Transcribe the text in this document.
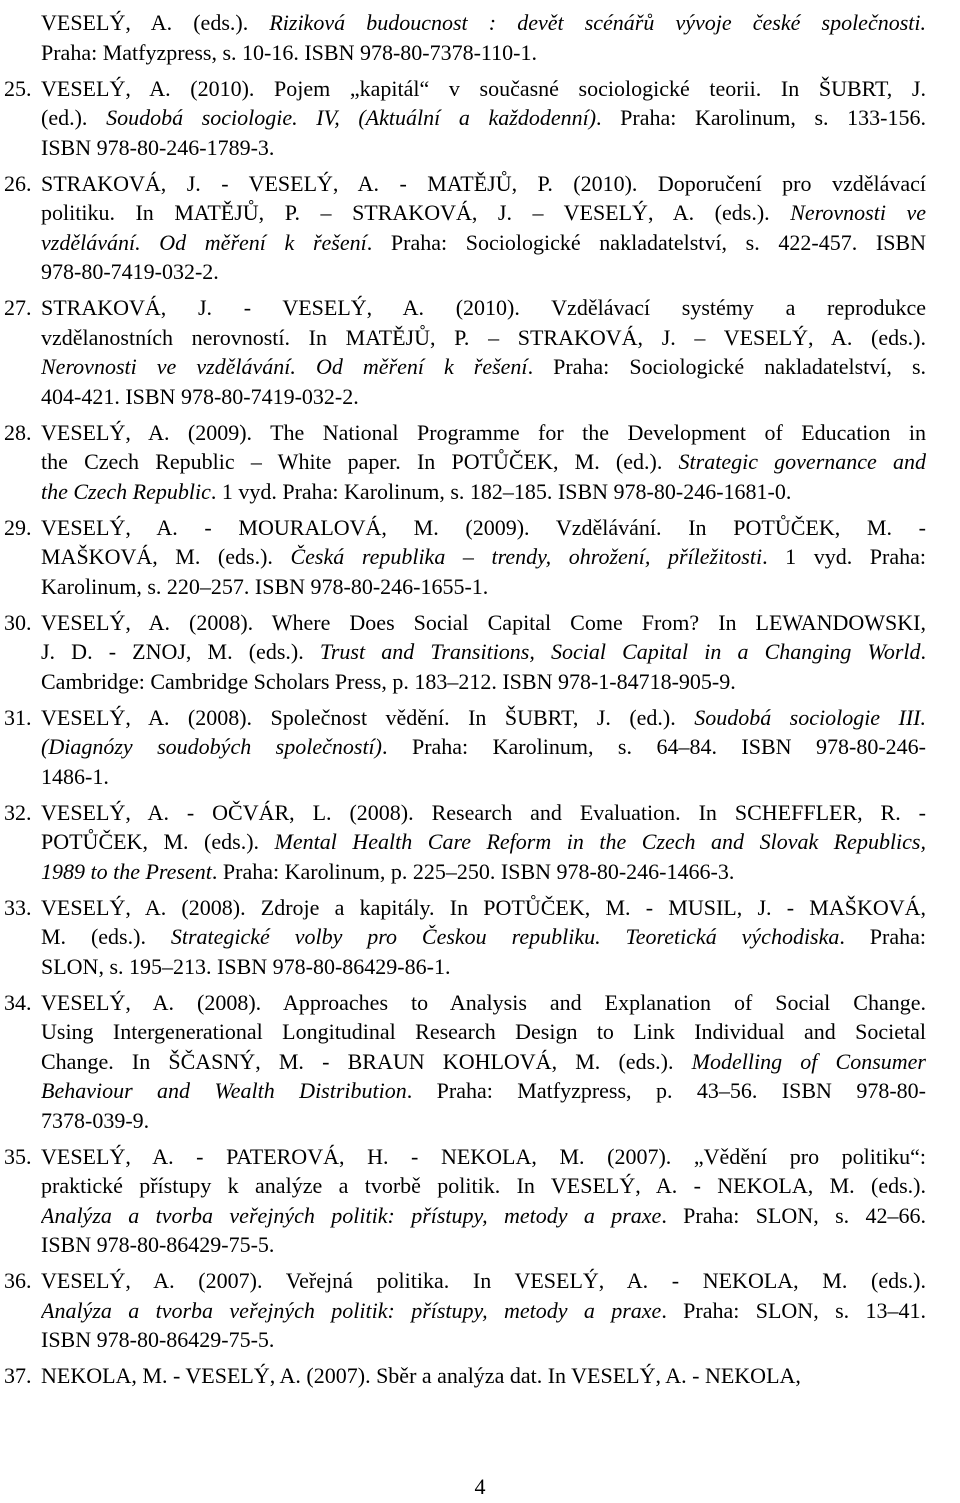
VESELÝ, A. (eds.). Riziková budoucnost : devět scénářů vývoje české společnosti.
Praha: Matfyzpress, s. 10-16. ISBN 978-80-7378-110-1.
25. VESELÝ, A. (2010). Pojem „kapitál“ v současné sociologické teorii. In ŠUBRT, J.
(ed.). Soudobá sociologie. IV, (Aktuální a každodenní). Praha: Karolinum, s. 133-156.
ISBN 978-80-246-1789-3.
26. STRAKOVÁ, J. - VESELÝ, A. - MATĚJŮ, P. (2010). Doporučení pro vzdělávací
politiku. In MATĚJŮ, P. – STRAKOVÁ, J. – VESELÝ, A. (eds.). Nerovnosti ve
vzdělávání. Od měření k řešení. Praha: Sociologické nakladatelství, s. 422-457. ISBN
978-80-7419-032-2.
27. STRAKOVÁ, J. - VESELÝ, A. (2010). Vzdělávací systémy a reprodukce
vzdělanostních nerovností. In MATĚJŮ, P. – STRAKOVÁ, J. – VESELÝ, A. (eds.).
Nerovnosti ve vzdělávání. Od měření k řešení. Praha: Sociologické nakladatelství, s.
404-421. ISBN 978-80-7419-032-2.
28. VESELÝ, A. (2009). The National Programme for the Development of Education in
the Czech Republic – White paper. In POTŮČEK, M. (ed.). Strategic governance and
the Czech Republic. 1 vyd. Praha: Karolinum, s. 182–185. ISBN 978-80-246-1681-0.
29. VESELÝ, A. - MOURALOVÁ, M. (2009). Vzdělávání. In POTŮČEK, M. -
MAŠKOVÁ, M. (eds.). Česká republika – trendy, ohrožení, příležitosti. 1 vyd. Praha:
Karolinum, s. 220–257. ISBN 978-80-246-1655-1.
30. VESELÝ, A. (2008). Where Does Social Capital Come From? In LEWANDOWSKI,
J. D. - ZNOJ, M. (eds.). Trust and Transitions, Social Capital in a Changing World.
Cambridge: Cambridge Scholars Press, p. 183–212. ISBN 978-1-84718-905-9.
31. VESELÝ, A. (2008). Společnost vědění. In ŠUBRT, J. (ed.). Soudobá sociologie III.
(Diagnózy soudobých společností). Praha: Karolinum, s. 64–84. ISBN 978-80-246-
1486-1.
32. VESELÝ, A. - OČVÁR, L. (2008). Research and Evaluation. In SCHEFFLER, R. -
POTŮČEK, M. (eds.). Mental Health Care Reform in the Czech and Slovak Republics,
1989 to the Present. Praha: Karolinum, p. 225–250. ISBN 978-80-246-1466-3.
33. VESELÝ, A. (2008). Zdroje a kapitály. In POTŮČEK, M. - MUSIL, J. - MAŠKOVÁ,
M. (eds.). Strategické volby pro Českou republiku. Teoretická východiska. Praha:
SLON, s. 195–213. ISBN 978-80-86429-86-1.
34. VESELÝ, A. (2008). Approaches to Analysis and Explanation of Social Change.
Using Intergenerational Longitudinal Research Design to Link Individual and Societal
Change. In ŠČASNÝ, M. - BRAUN KOHLOVÁ, M. (eds.). Modelling of Consumer
Behaviour and Wealth Distribution. Praha: Matfyzpress, p. 43–56. ISBN 978-80-
7378-039-9.
35. VESELÝ, A. - PATEROVÁ, H. - NEKOLA, M. (2007). „Vědění pro politiku“:
praktické přístupy k analýze a tvorbě politik. In VESELÝ, A. - NEKOLA, M. (eds.).
Analýza a tvorba veřejných politik: přístupy, metody a praxe. Praha: SLON, s. 42–66.
ISBN 978-80-86429-75-5.
36. VESELÝ, A. (2007). Veřejná politika. In VESELÝ, A. - NEKOLA, M. (eds.).
Analýza a tvorba veřejných politik: přístupy, metody a praxe. Praha: SLON, s. 13–41.
ISBN 978-80-86429-75-5.
37. NEKOLA, M. - VESELÝ, A. (2007). Sběr a analýza dat. In VESELÝ, A. - NEKOLA,
4
